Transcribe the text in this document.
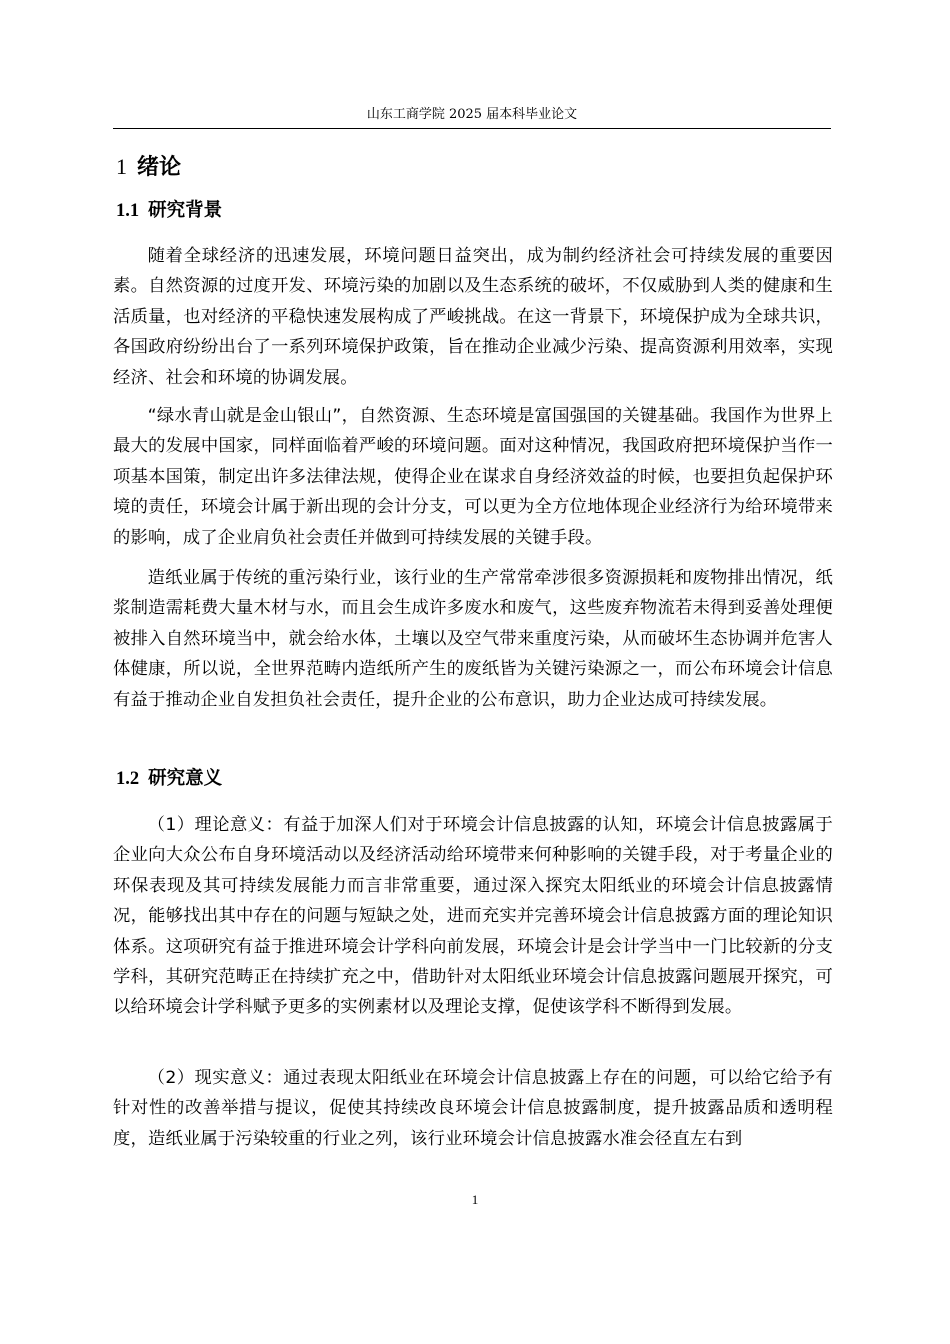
山东工商学院 2025 届本科毕业论文
1 绪论
1.1 研究背景

随着全球经济的迅速发展，环境问题日益突出，成为制约经济社会可持续发展的重要因素。自然资源的过度开发、环境污染的加剧以及生态系统的破坏，不仅威胁到人类的健康和生活质量，也对经济的平稳快速发展构成了严峻挑战。在这一背景下，环境保护成为全球共识，各国政府纷纷出台了一系列环境保护政策，旨在推动企业减少污染、提高资源利用效率，实现经济、社会和环境的协调发展。

“绿水青山就是金山银山”，自然资源、生态环境是富国强国的关键基础。我国作为世界上最大的发展中国家，同样面临着严峻的环境问题。面对这种情况，我国政府把环境保护当作一项基本国策，制定出许多法律法规，使得企业在谋求自身经济效益的时候，也要担负起保护环境的责任，环境会计属于新出现的会计分支，可以更为全方位地体现企业经济行为给环境带来的影响，成了企业肩负社会责任并做到可持续发展的关键手段。

造纸业属于传统的重污染行业，该行业的生产常常牵涉很多资源损耗和废物排出情况，纸浆制造需耗费大量木材与水，而且会生成许多废水和废气，这些废弃物流若未得到妥善处理便被排入自然环境当中，就会给水体，土壤以及空气带来重度污染，从而破坏生态协调并危害人体健康，所以说，全世界范畴内造纸所产生的废纸皆为关键污染源之一，而公布环境会计信息有益于推动企业自发担负社会责任，提升企业的公布意识，助力企业达成可持续发展。

1.2 研究意义

（1）理论意义：有益于加深人们对于环境会计信息披露的认知，环境会计信息披露属于企业向大众公布自身环境活动以及经济活动给环境带来何种影响的关键手段，对于考量企业的环保表现及其可持续发展能力而言非常重要，通过深入探究太阳纸业的环境会计信息披露情况，能够找出其中存在的问题与短缺之处，进而充实并完善环境会计信息披露方面的理论知识体系。这项研究有益于推进环境会计学科向前发展，环境会计是会计学当中一门比较新的分支学科，其研究范畴正在持续扩充之中，借助针对太阳纸业环境会计信息披露问题展开探究，可以给环境会计学科赋予更多的实例素材以及理论支撑，促使该学科不断得到发展。

（2）现实意义：通过表现太阳纸业在环境会计信息披露上存在的问题，可以给它给予有针对性的改善举措与提议，促使其持续改良环境会计信息披露制度，提升披露品质和透明程度，造纸业属于污染较重的行业之列，该行业环境会计信息披露水准会径直左右到

1
